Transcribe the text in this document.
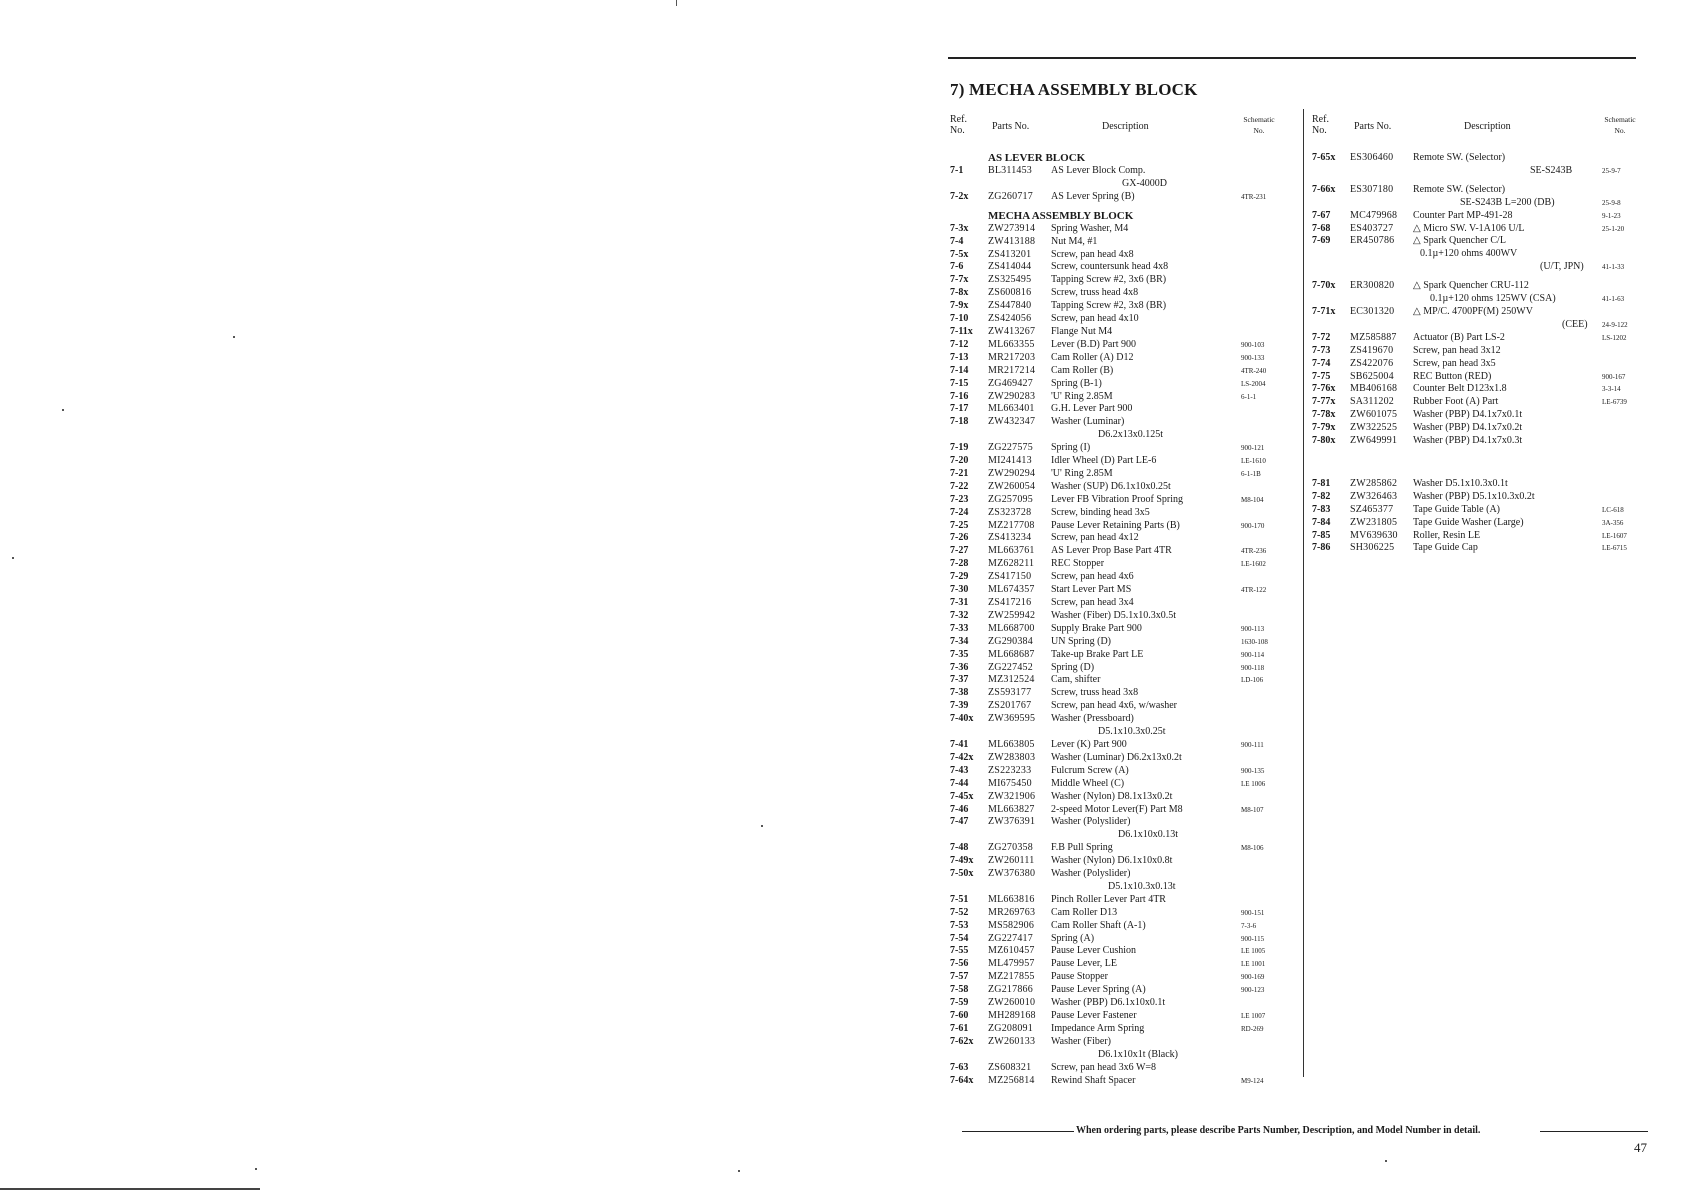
7) MECHA ASSEMBLY BLOCK
Ref. No.	Parts No.	Description
Schematic No.
AS LEVER BLOCK
7-1	BL311453	AS Lever Block Comp.
GX-4000D
7-2x	ZG260717	AS Lever Spring (B)	4TR-231
MECHA ASSEMBLY BLOCK
7-3x	ZW273914	Spring Washer, M4
7-4	ZW413188	Nut M4, #1
7-5x	ZS413201	Screw, pan head 4x8
7-6	ZS414044	Screw, countersunk head 4x8
7-7x	ZS325495	Tapping Screw #2, 3x6 (BR)
7-8x	ZS600816	Screw, truss head 4x8
7-9x	ZS447840	Tapping Screw #2, 3x8 (BR)
7-10	ZS424056	Screw, pan head 4x10
7-11x	ZW413267	Flange Nut M4
7-12	ML663355	Lever (B.D) Part 900	900-103
7-13	MR217203	Cam Roller (A) D12	900-133
7-14	MR217214	Cam Roller (B)	4TR-240
7-15	ZG469427	Spring (B-1)	LS-2004
7-16	ZW290283	'U' Ring 2.85M	6-1-1
7-17	ML663401	G.H. Lever Part 900
7-18	ZW432347	Washer (Luminar)
D6.2x13x0.125t
7-19	ZG227575	Spring (I)	900-121
7-20	MI241413	Idler Wheel (D) Part LE-6	LE-1610
7-21	ZW290294	'U' Ring 2.85M	6-1-1B
7-22	ZW260054	Washer (SUP) D6.1x10x0.25t
7-23	ZG257095	Lever FB Vibration Proof Spring	M8-104
7-24	ZS323728	Screw, binding head 3x5
7-25	MZ217708	Pause Lever Retaining Parts (B)	900-170
7-26	ZS413234	Screw, pan head 4x12
7-27	ML663761	AS Lever Prop Base Part 4TR	4TR-236
7-28	MZ628211	REC Stopper	LE-1602
7-29	ZS417150	Screw, pan head 4x6
7-30	ML674357	Start Lever Part MS	4TR-122
7-31	ZS417216	Screw, pan head 3x4
7-32	ZW259942	Washer (Fiber) D5.1x10.3x0.5t
7-33	ML668700	Supply Brake Part 900	900-113
7-34	ZG290384	UN Spring (D)	1630-108
7-35	ML668687	Take-up Brake Part LE	900-114
7-36	ZG227452	Spring (D)	900-118
7-37	MZ312524	Cam, shifter	LD-106
7-38	ZS593177	Screw, truss head 3x8
7-39	ZS201767	Screw, pan head 4x6, w/washer
7-40x	ZW369595	Washer (Pressboard)
D5.1x10.3x0.25t
7-41	ML663805	Lever (K) Part 900	900-111
7-42x	ZW283803	Washer (Luminar) D6.2x13x0.2t
7-43	ZS223233	Fulcrum Screw (A)	900-135
7-44	MI675450	Middle Wheel (C)	LE 1006
7-45x	ZW321906	Washer (Nylon) D8.1x13x0.2t
7-46	ML663827	2-speed Motor Lever(F) Part M8	M8-107
7-47	ZW376391	Washer (Polyslider)
D6.1x10x0.13t
7-48	ZG270358	F.B Pull Spring	M8-106
7-49x	ZW260111	Washer (Nylon) D6.1x10x0.8t
7-50x	ZW376380	Washer (Polyslider)
D5.1x10.3x0.13t
7-51	ML663816	Pinch Roller Lever Part 4TR
7-52	MR269763	Cam Roller D13	900-151
7-53	MS582906	Cam Roller Shaft (A-1)	7-3-6
7-54	ZG227417	Spring (A)	900-115
7-55	MZ610457	Pause Lever Cushion	LE 1005
7-56	ML479957	Pause Lever, LE	LE 1001
7-57	MZ217855	Pause Stopper	900-169
7-58	ZG217866	Pause Lever Spring (A)	900-123
7-59	ZW260010	Washer (PBP) D6.1x10x0.1t
7-60	MH289168	Pause Lever Fastener	LE 1007
7-61	ZG208091	Impedance Arm Spring	RD-269
7-62x	ZW260133	Washer (Fiber)
D6.1x10x1t (Black)
7-63	ZS608321	Screw, pan head 3x6 W=8
7-64x	MZ256814	Rewind Shaft Spacer	M9-124
Ref. No.	Parts No.	Description
Schematic No.
7-65x	ES306460	Remote SW. (Selector)
SE-S243B	25-9-7
7-66x	ES307180	Remote SW. (Selector)
SE-S243B L=200 (DB)	25-9-8
7-67	MC479968	Counter Part MP-491-28	9-1-23
7-68	ES403727	△ Micro SW. V-1A106 U/L	25-1-20
7-69	ER450786	△ Spark Quencher C/L
0.1µ+120 ohms 400WV
(U/T, JPN)	41-1-33
7-70x	ER300820	△ Spark Quencher CRU-112
0.1µ+120 ohms 125WV (CSA)	41-1-63
7-71x	EC301320	△ MP/C. 4700PF(M) 250WV
(CEE)	24-9-122
7-72	MZ585887	Actuator (B) Part LS-2	LS-1202
7-73	ZS419670	Screw, pan head 3x12
7-74	ZS422076	Screw, pan head 3x5
7-75	SB625004	REC Button (RED)	900-167
7-76x	MB406168	Counter Belt D123x1.8	3-3-14
7-77x	SA311202	Rubber Foot (A) Part	LE-6739
7-78x	ZW601075	Washer (PBP) D4.1x7x0.1t
7-79x	ZW322525	Washer (PBP) D4.1x7x0.2t
7-80x	ZW649991	Washer (PBP) D4.1x7x0.3t
7-81	ZW285862	Washer D5.1x10.3x0.1t
7-82	ZW326463	Washer (PBP) D5.1x10.3x0.2t
7-83	SZ465377	Tape Guide Table (A)	LC-618
7-84	ZW231805	Tape Guide Washer (Large)	3A-356
7-85	MV639630	Roller, Resin LE	LE-1607
7-86	SH306225	Tape Guide Cap	LE-6715
When ordering parts, please describe Parts Number, Description, and Model Number in detail.
47
